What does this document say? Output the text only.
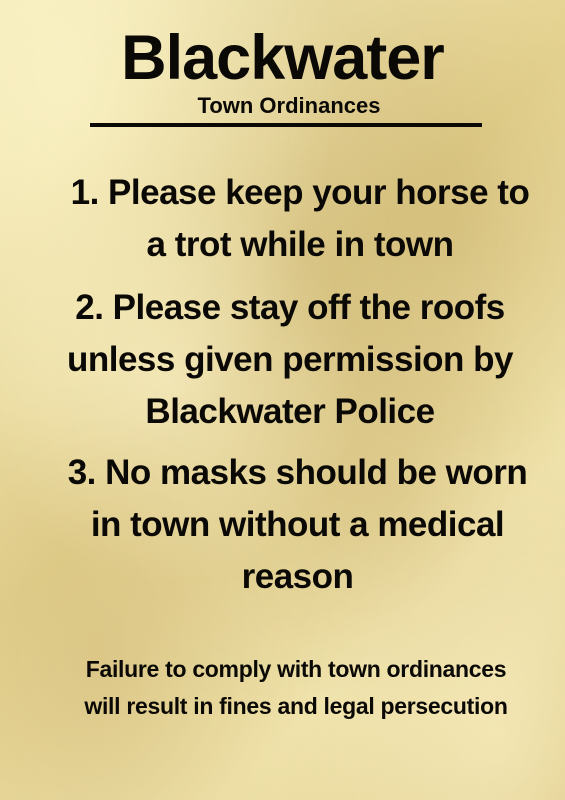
Blackwater
Town Ordinances
1. Please keep your horse to
a trot while in town
2. Please stay off the roofs
unless given permission by
Blackwater Police
3. No masks should be worn
in town without a medical
reason
Failure to comply with town ordinances
will result in fines and legal persecution
